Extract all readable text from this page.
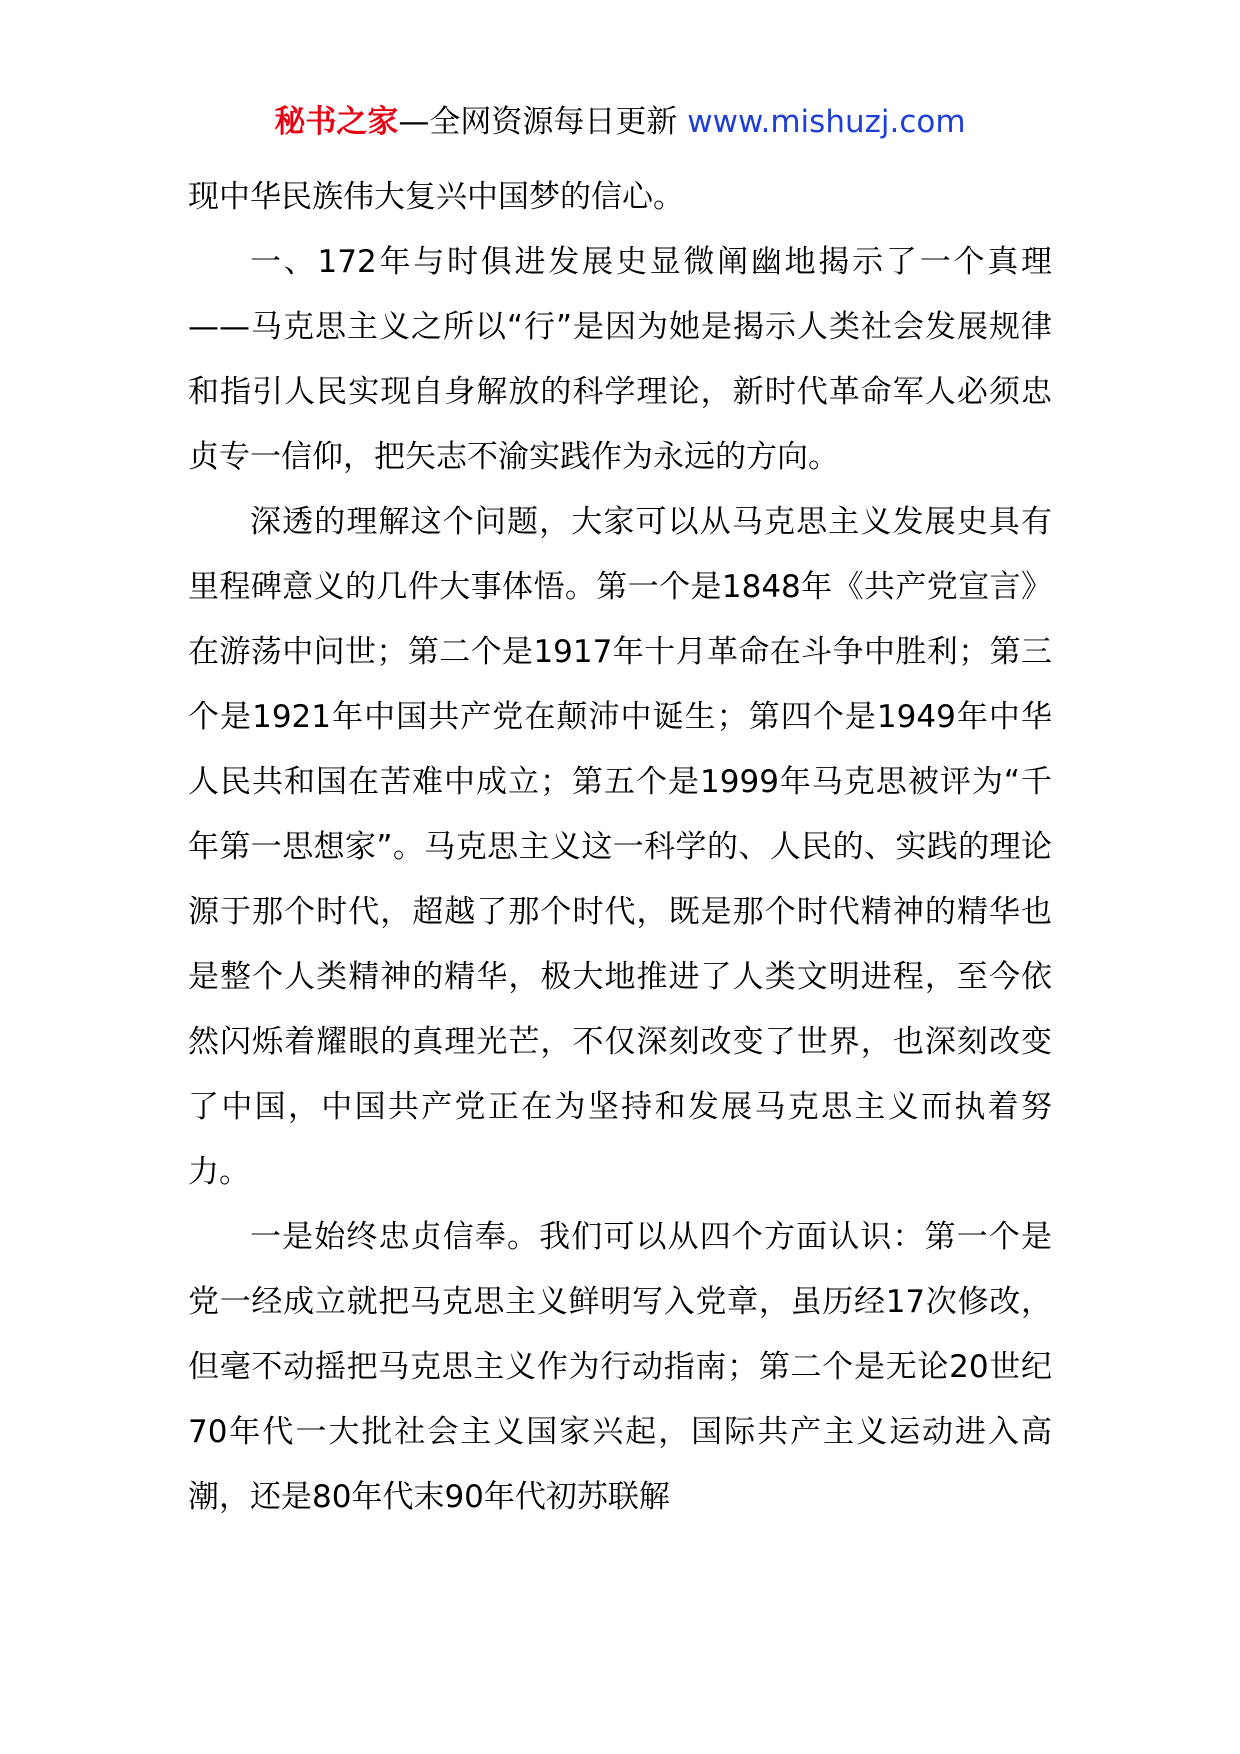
秘书之家—全网资源每日更新 www.mishuzj.com

现中华民族伟大复兴中国梦的信心。

一、172年与时俱进发展史显微阐幽地揭示了一个真理——马克思主义之所以“行”是因为她是揭示人类社会发展规律和指引人民实现自身解放的科学理论，新时代革命军人必须忠贞专一信仰，把矢志不渝实践作为永远的方向。

深透的理解这个问题，大家可以从马克思主义发展史具有里程碑意义的几件大事体悟。第一个是1848年《共产党宣言》在游荡中问世；第二个是1917年十月革命在斗争中胜利；第三个是1921年中国共产党在颠沛中诞生；第四个是1949年中华人民共和国在苦难中成立；第五个是1999年马克思被评为“千年第一思想家”。马克思主义这一科学的、人民的、实践的理论源于那个时代，超越了那个时代，既是那个时代精神的精华也是整个人类精神的精华，极大地推进了人类文明进程，至今依然闪烁着耀眼的真理光芒，不仅深刻改变了世界，也深刻改变了中国，中国共产党正在为坚持和发展马克思主义而执着努力。

一是始终忠贞信奉。我们可以从四个方面认识：第一个是党一经成立就把马克思主义鲜明写入党章，虽历经17次修改，但毫不动摇把马克思主义作为行动指南；第二个是无论20世纪70年代一大批社会主义国家兴起，国际共产主义运动进入高潮，还是80年代末90年代初苏联解
